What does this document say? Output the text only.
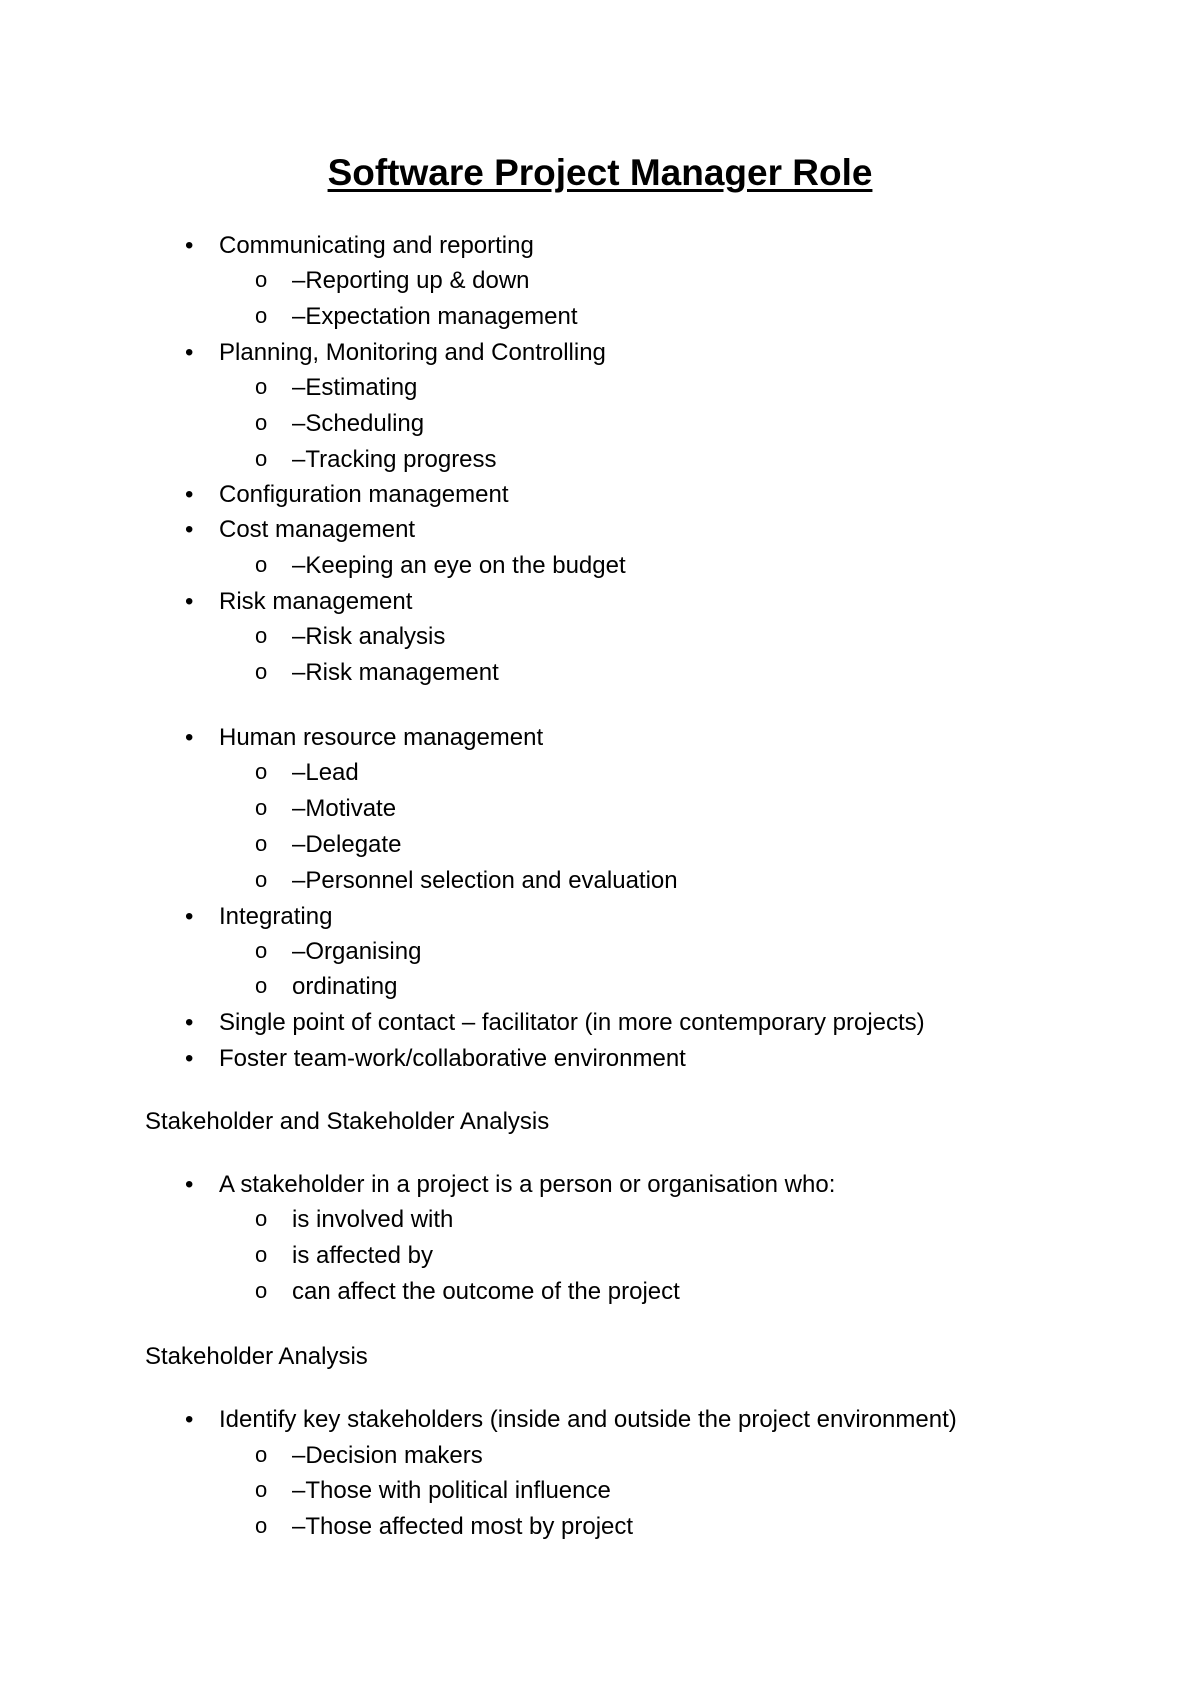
Software Project Manager Role
• Communicating and reporting
o –Reporting up & down
o –Expectation management
• Planning, Monitoring and Controlling
o –Estimating
o –Scheduling
o –Tracking progress
• Configuration management
• Cost management
o –Keeping an eye on the budget
• Risk management
o –Risk analysis
o –Risk management
• Human resource management
o –Lead
o –Motivate
o –Delegate
o –Personnel selection and evaluation
• Integrating
o –Organising
o ordinating
• Single point of contact – facilitator (in more contemporary projects)
• Foster team-work/collaborative environment
Stakeholder and Stakeholder Analysis
• A stakeholder in a project is a person or organisation who:
o is involved with
o is affected by
o can affect the outcome of the project
Stakeholder Analysis
• Identify key stakeholders (inside and outside the project environment)
o –Decision makers
o –Those with political influence
o –Those affected most by project
